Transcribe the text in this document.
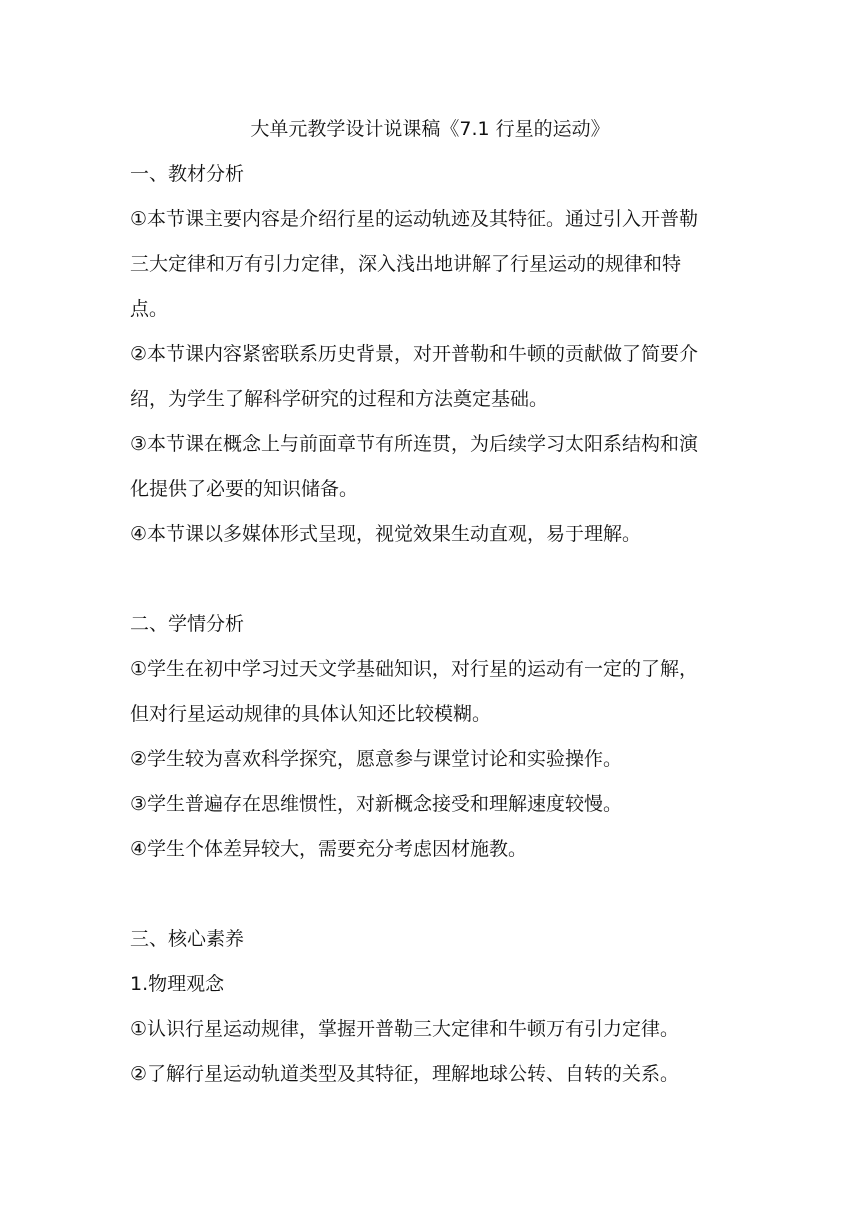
大单元教学设计说课稿《7.1 行星的运动》
一、教材分析
①本节课主要内容是介绍行星的运动轨迹及其特征。通过引入开普勒
三大定律和万有引力定律，深入浅出地讲解了行星运动的规律和特
点。
②本节课内容紧密联系历史背景，对开普勒和牛顿的贡献做了简要介
绍，为学生了解科学研究的过程和方法奠定基础。
③本节课在概念上与前面章节有所连贯，为后续学习太阳系结构和演
化提供了必要的知识储备。
④本节课以多媒体形式呈现，视觉效果生动直观，易于理解。
二、学情分析
①学生在初中学习过天文学基础知识，对行星的运动有一定的了解，
但对行星运动规律的具体认知还比较模糊。
②学生较为喜欢科学探究，愿意参与课堂讨论和实验操作。
③学生普遍存在思维惯性，对新概念接受和理解速度较慢。
④学生个体差异较大，需要充分考虑因材施教。
三、核心素养
1.物理观念
①认识行星运动规律，掌握开普勒三大定律和牛顿万有引力定律。
②了解行星运动轨道类型及其特征，理解地球公转、自转的关系。
